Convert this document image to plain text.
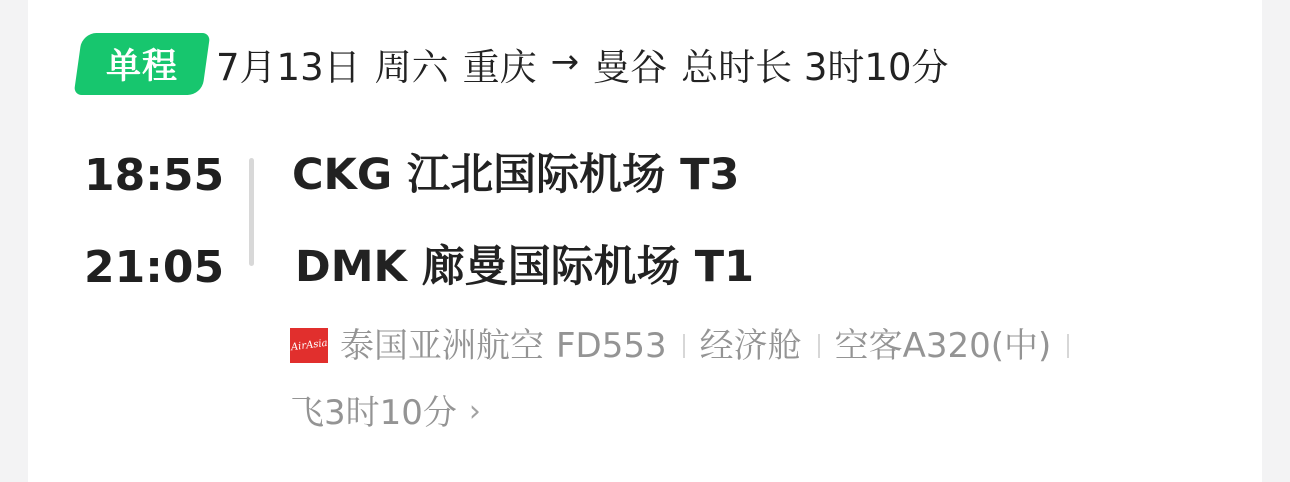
单程 7月13日 周六 重庆 → 曼谷 总时长 3时10分
18:55 CKG 江北国际机场 T3
21:05 DMK 廊曼国际机场 T1
AirAsia 泰国亚洲航空 FD553 经济舱 空客A320(中)
飞3时10分 ›
